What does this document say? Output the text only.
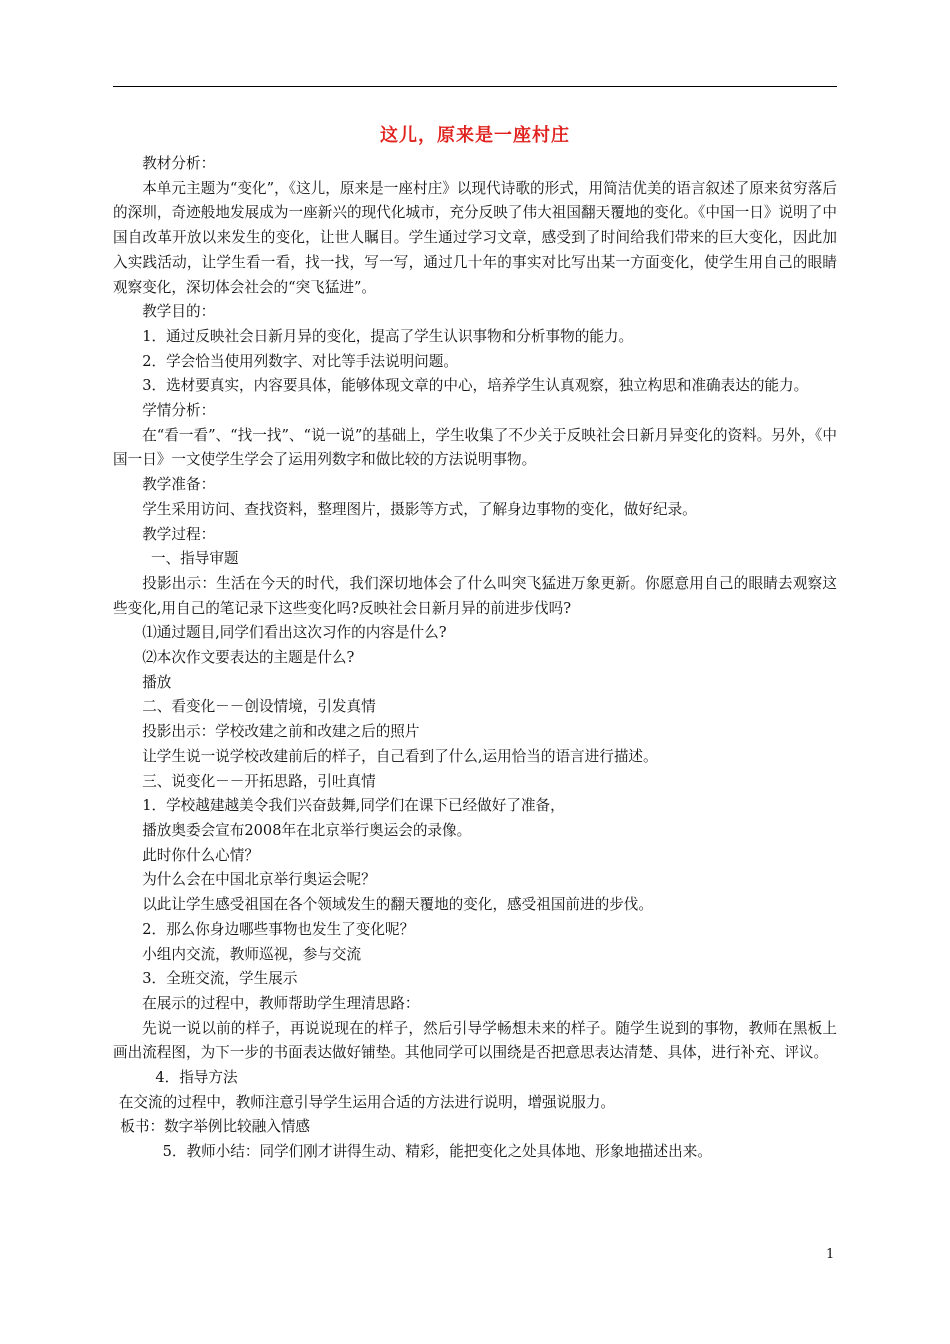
这儿，原来是一座村庄

教材分析：

本单元主题为“变化”，《这儿，原来是一座村庄》以现代诗歌的形式，用简洁优美的语言叙述了原来贫穷落后的深圳，奇迹般地发展成为一座新兴的现代化城市，充分反映了伟大祖国翻天覆地的变化。《中国一日》说明了中国自改革开放以来发生的变化，让世人瞩目。学生通过学习文章，感受到了时间给我们带来的巨大变化，因此加入实践活动，让学生看一看，找一找，写一写，通过几十年的事实对比写出某一方面变化，使学生用自己的眼睛观察变化，深切体会社会的“突飞猛进”。

教学目的：

1．通过反映社会日新月异的变化，提高了学生认识事物和分析事物的能力。

2．学会恰当使用列数字、对比等手法说明问题。

3．选材要真实，内容要具体，能够体现文章的中心，培养学生认真观察，独立构思和准确表达的能力。

学情分析：

在“看一看”、“找一找”、“说一说”的基础上，学生收集了不少关于反映社会日新月异变化的资料。另外，《中国一日》一文使学生学会了运用列数字和做比较的方法说明事物。

教学准备：

学生采用访问、查找资料，整理图片，摄影等方式，了解身边事物的变化，做好纪录。

教学过程：

一、指导审题

投影出示：生活在今天的时代，我们深切地体会了什么叫突飞猛进万象更新。你愿意用自己的眼睛去观察这些变化,用自己的笔记录下这些变化吗?反映社会日新月异的前进步伐吗?

⑴通过题目,同学们看出这次习作的内容是什么?

⑵本次作文要表达的主题是什么?

播放

二、看变化－－创设情境，引发真情

投影出示：学校改建之前和改建之后的照片

让学生说一说学校改建前后的样子，自己看到了什么,运用恰当的语言进行描述。

三、说变化－－开拓思路，引吐真情

1．学校越建越美令我们兴奋鼓舞,同学们在课下已经做好了准备，

播放奥委会宣布2008年在北京举行奥运会的录像。

此时你什么心情？

为什么会在中国北京举行奥运会呢？

以此让学生感受祖国在各个领域发生的翻天覆地的变化，感受祖国前进的步伐。

2．那么你身边哪些事物也发生了变化呢？

小组内交流，教师巡视，参与交流

3．全班交流，学生展示

在展示的过程中，教师帮助学生理清思路：

先说一说以前的样子，再说说现在的样子，然后引导学畅想未来的样子。随学生说到的事物，教师在黑板上画出流程图，为下一步的书面表达做好铺垫。其他同学可以围绕是否把意思表达清楚、具体，进行补充、评议。

4．指导方法

在交流的过程中，教师注意引导学生运用合适的方法进行说明，增强说服力。

板书：数字举例比较融入情感

5．教师小结：同学们刚才讲得生动、精彩，能把变化之处具体地、形象地描述出来。

1
